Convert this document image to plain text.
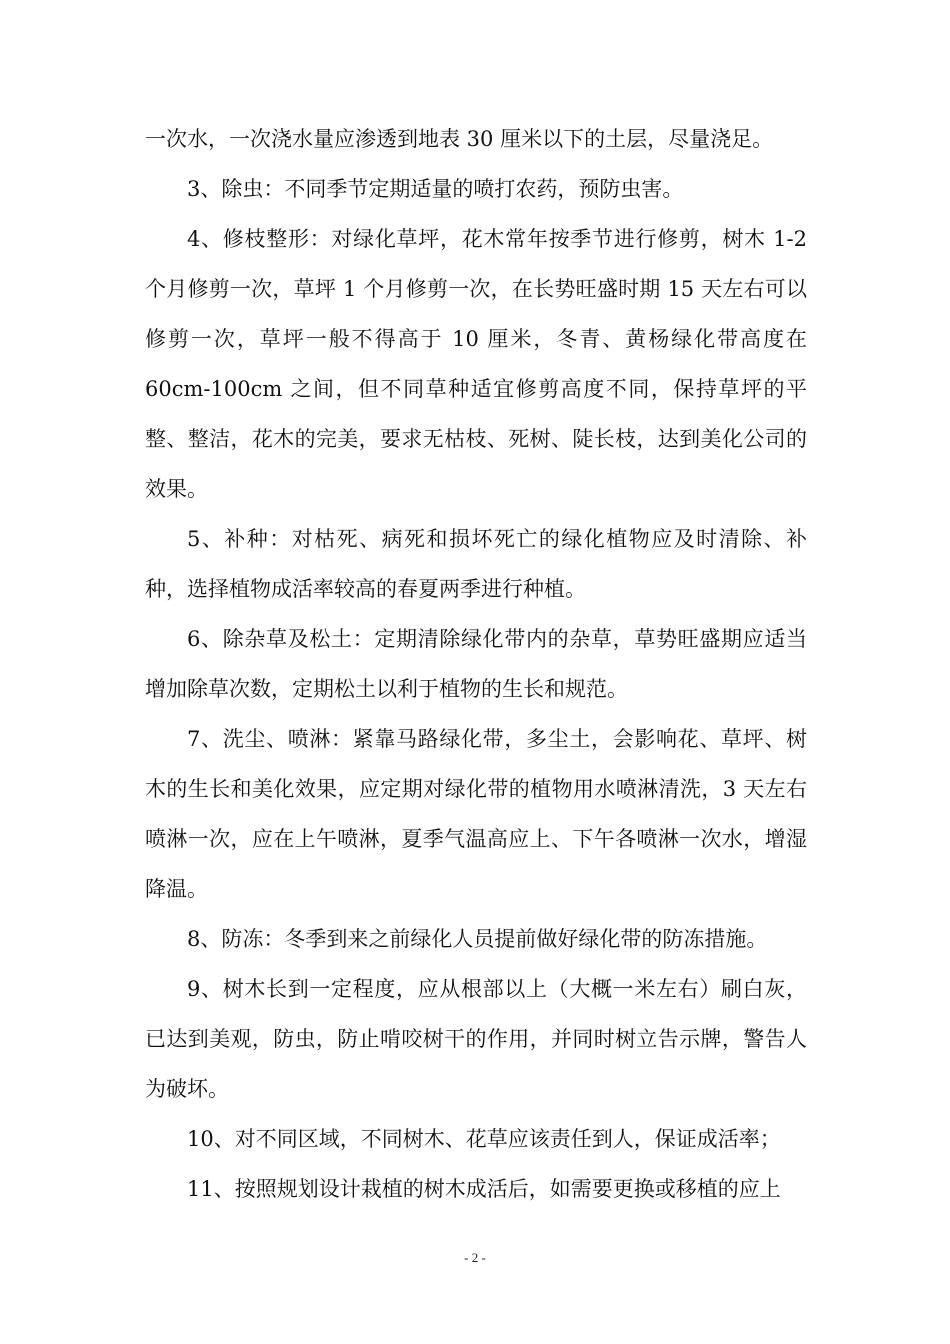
一次水，一次浇水量应渗透到地表 30 厘米以下的土层，尽量浇足。

3、除虫：不同季节定期适量的喷打农药，预防虫害。

4、修枝整形：对绿化草坪，花木常年按季节进行修剪，树木 1-2 个月修剪一次，草坪 1 个月修剪一次，在长势旺盛时期 15 天左右可以修剪一次，草坪一般不得高于 10 厘米，冬青、黄杨绿化带高度在 60cm-100cm 之间，但不同草种适宜修剪高度不同，保持草坪的平整、整洁，花木的完美，要求无枯枝、死树、陡长枝，达到美化公司的效果。

5、补种：对枯死、病死和损坏死亡的绿化植物应及时清除、补种，选择植物成活率较高的春夏两季进行种植。

6、除杂草及松土：定期清除绿化带内的杂草，草势旺盛期应适当增加除草次数，定期松土以利于植物的生长和规范。

7、洗尘、喷淋：紧靠马路绿化带，多尘土，会影响花、草坪、树木的生长和美化效果，应定期对绿化带的植物用水喷淋清洗，3 天左右喷淋一次，应在上午喷淋，夏季气温高应上、下午各喷淋一次水，增湿降温。

8、防冻：冬季到来之前绿化人员提前做好绿化带的防冻措施。

9、树木长到一定程度，应从根部以上（大概一米左右）刷白灰，已达到美观，防虫，防止啃咬树干的作用，并同时树立告示牌，警告人为破坏。

10、对不同区域，不同树木、花草应该责任到人，保证成活率；

11、按照规划设计栽植的树木成活后，如需要更换或移植的应上

- 2 -
